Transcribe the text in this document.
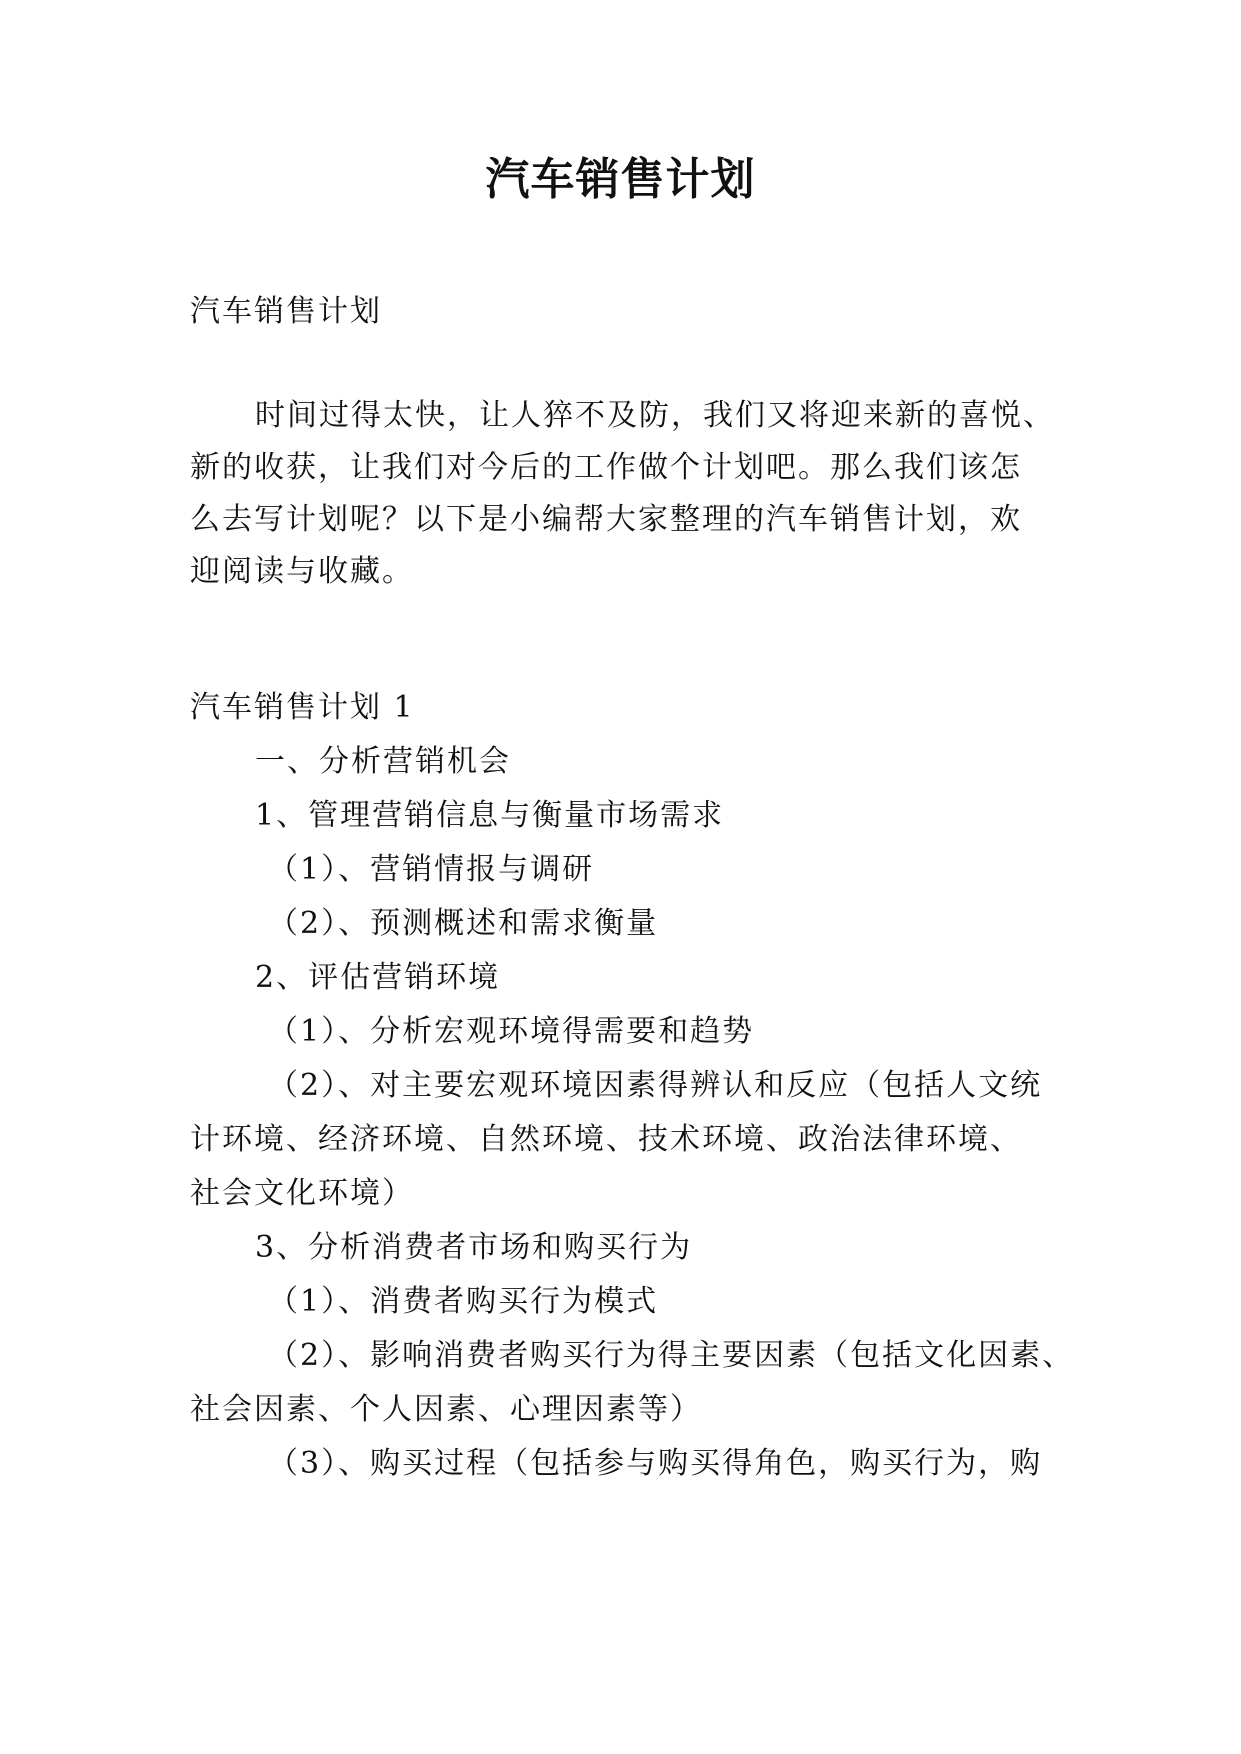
汽车销售计划
汽车销售计划
时间过得太快，让人猝不及防，我们又将迎来新的喜悦、
新的收获，让我们对今后的工作做个计划吧。那么我们该怎
么去写计划呢？以下是小编帮大家整理的汽车销售计划，欢
迎阅读与收藏。
汽车销售计划 1
一、分析营销机会
1、管理营销信息与衡量市场需求
（1）、营销情报与调研
（2）、预测概述和需求衡量
2、评估营销环境
（1）、分析宏观环境得需要和趋势
（2）、对主要宏观环境因素得辨认和反应（包括人文统
计环境、经济环境、自然环境、技术环境、政治法律环境、
社会文化环境）
3、分析消费者市场和购买行为
（1）、消费者购买行为模式
（2）、影响消费者购买行为得主要因素（包括文化因素、
社会因素、个人因素、心理因素等）
（3）、购买过程（包括参与购买得角色，购买行为，购
